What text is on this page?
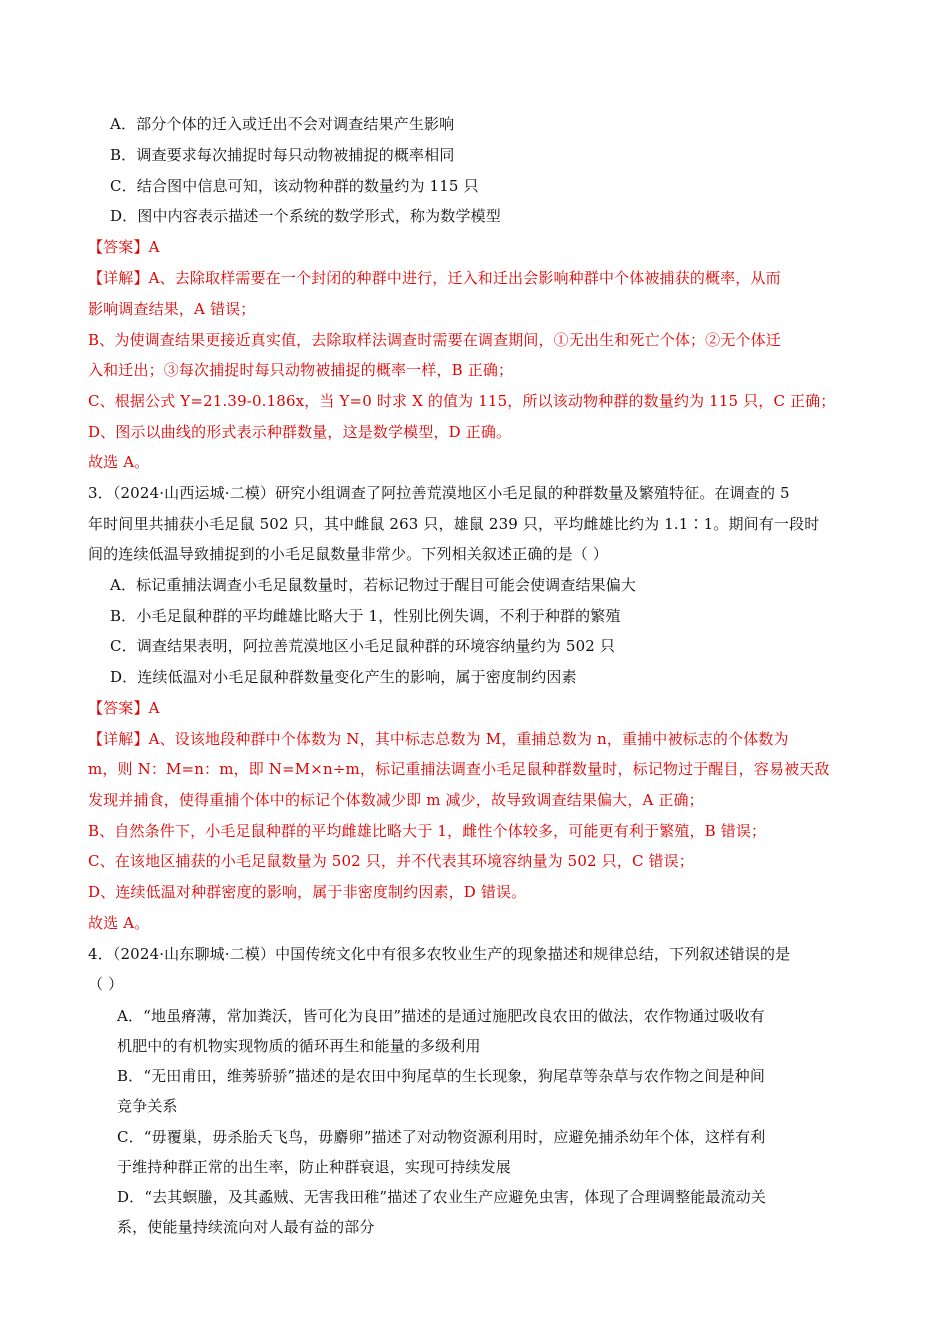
A．部分个体的迁入或迁出不会对调查结果产生影响

B．调查要求每次捕捉时每只动物被捕捉的概率相同

C．结合图中信息可知，该动物种群的数量约为 115 只

D．图中内容表示描述一个系统的数学形式，称为数学模型

【答案】A

【详解】A、去除取样需要在一个封闭的种群中进行，迁入和迁出会影响种群中个体被捕获的概率，从而

影响调查结果，A 错误；

B、为使调查结果更接近真实值，去除取样法调查时需要在调查期间，①无出生和死亡个体；②无个体迁

入和迁出；③每次捕捉时每只动物被捕捉的概率一样，B 正确；

C、根据公式 Y=21.39-0.186x，当 Y=0 时求 X 的值为 115，所以该动物种群的数量约为 115 只，C 正确；

D、图示以曲线的形式表示种群数量，这是数学模型，D 正确。

故选 A。

3．（2024·山西运城·二模）研究小组调查了阿拉善荒漠地区小毛足鼠的种群数量及繁殖特征。在调查的 5

年时间里共捕获小毛足鼠 502 只，其中雌鼠 263 只，雄鼠 239 只，平均雌雄比约为 1.1∶1。期间有一段时

间的连续低温导致捕捉到的小毛足鼠数量非常少。下列相关叙述正确的是（ ）

A．标记重捕法调查小毛足鼠数量时，若标记物过于醒目可能会使调查结果偏大

B．小毛足鼠种群的平均雌雄比略大于 1，性别比例失调，不利于种群的繁殖

C．调查结果表明，阿拉善荒漠地区小毛足鼠种群的环境容纳量约为 502 只

D．连续低温对小毛足鼠种群数量变化产生的影响，属于密度制约因素

【答案】A

【详解】A、设该地段种群中个体数为 N，其中标志总数为 M，重捕总数为 n，重捕中被标志的个体数为

m，则 N：M=n：m，即 N=M×n÷m，标记重捕法调查小毛足鼠种群数量时，标记物过于醒目，容易被天敌

发现并捕食，使得重捕个体中的标记个体数减少即 m 减少，故导致调查结果偏大，A 正确；

B、自然条件下，小毛足鼠种群的平均雌雄比略大于 1，雌性个体较多，可能更有利于繁殖，B 错误；

C、在该地区捕获的小毛足鼠数量为 502 只，并不代表其环境容纳量为 502 只，C 错误；

D、连续低温对种群密度的影响，属于非密度制约因素，D 错误。

故选 A。

4．（2024·山东聊城·二模）中国传统文化中有很多农牧业生产的现象描述和规律总结，下列叙述错误的是

（ ）

A．“地虽瘠薄，常加粪沃，皆可化为良田”描述的是通过施肥改良农田的做法，农作物通过吸收有

机肥中的有机物实现物质的循环再生和能量的多级利用

B．“无田甫田，维莠骄骄”描述的是农田中狗尾草的生长现象，狗尾草等杂草与农作物之间是种间

竞争关系

C．“毋覆巢，毋杀胎夭飞鸟，毋麝卵”描述了对动物资源利用时，应避免捕杀幼年个体，这样有利

于维持种群正常的出生率，防止种群衰退，实现可持续发展

D．“去其螟螣，及其蟊贼、无害我田稚”描述了农业生产应避免虫害，体现了合理调整能最流动关

系，使能量持续流向对人最有益的部分
